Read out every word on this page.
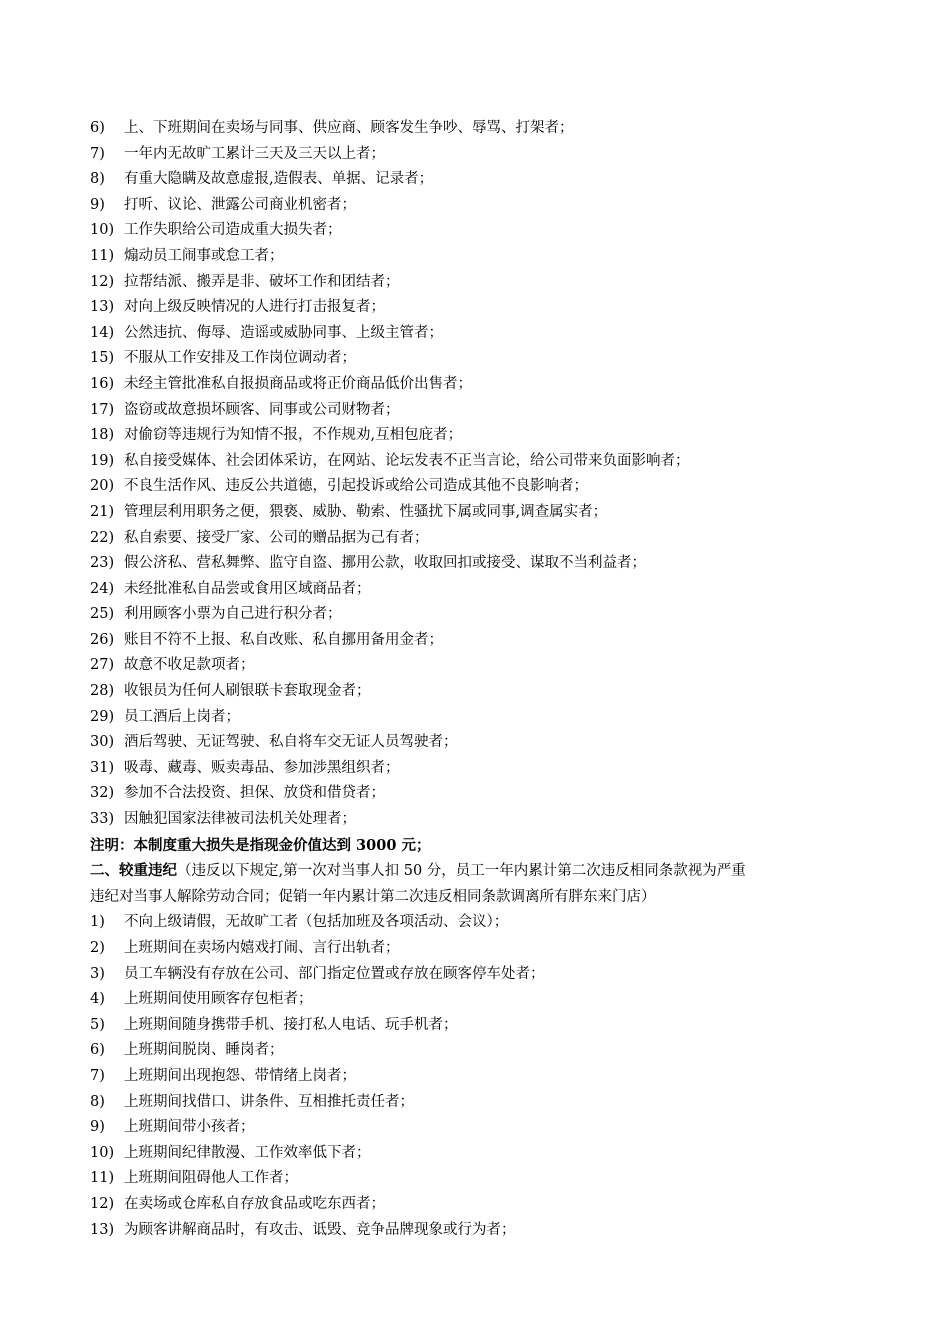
6) 上、下班期间在卖场与同事、供应商、顾客发生争吵、辱骂、打架者；
7) 一年内无故旷工累计三天及三天以上者；
8) 有重大隐瞒及故意虚报,造假表、单据、记录者；
9) 打听、议论、泄露公司商业机密者；
10) 工作失职给公司造成重大损失者；
11) 煽动员工闹事或怠工者；
12) 拉帮结派、搬弄是非、破坏工作和团结者；
13) 对向上级反映情况的人进行打击报复者；
14) 公然违抗、侮辱、造谣或威胁同事、上级主管者；
15) 不服从工作安排及工作岗位调动者；
16) 未经主管批准私自报损商品或将正价商品低价出售者；
17) 盗窃或故意损坏顾客、同事或公司财物者；
18) 对偷窃等违规行为知情不报，不作规劝,互相包庇者；
19) 私自接受媒体、社会团体采访，在网站、论坛发表不正当言论，给公司带来负面影响者；
20) 不良生活作风、违反公共道德，引起投诉或给公司造成其他不良影响者；
21) 管理层利用职务之便，猥亵、威胁、勒索、性骚扰下属或同事,调查属实者；
22) 私自索要、接受厂家、公司的赠品据为己有者；
23) 假公济私、营私舞弊、监守自盗、挪用公款，收取回扣或接受、谋取不当利益者；
24) 未经批准私自品尝或食用区域商品者；
25) 利用顾客小票为自己进行积分者；
26) 账目不符不上报、私自改账、私自挪用备用金者；
27) 故意不收足款项者；
28) 收银员为任何人刷银联卡套取现金者；
29) 员工酒后上岗者；
30) 酒后驾驶、无证驾驶、私自将车交无证人员驾驶者；
31) 吸毒、藏毒、贩卖毒品、参加涉黑组织者；
32) 参加不合法投资、担保、放贷和借贷者；
33) 因触犯国家法律被司法机关处理者；
注明：本制度重大损失是指现金价值达到 3000 元；
二、较重违纪（违反以下规定,第一次对当事人扣 50 分，员工一年内累计第二次违反相同条款视为严重
违纪对当事人解除劳动合同；促销一年内累计第二次违反相同条款调离所有胖东来门店）
1) 不向上级请假，无故旷工者（包括加班及各项活动、会议）；
2) 上班期间在卖场内嬉戏打闹、言行出轨者；
3) 员工车辆没有存放在公司、部门指定位置或存放在顾客停车处者；
4) 上班期间使用顾客存包柜者；
5) 上班期间随身携带手机、接打私人电话、玩手机者；
6) 上班期间脱岗、睡岗者；
7) 上班期间出现抱怨、带情绪上岗者；
8) 上班期间找借口、讲条件、互相推托责任者；
9) 上班期间带小孩者；
10) 上班期间纪律散漫、工作效率低下者；
11) 上班期间阻碍他人工作者；
12) 在卖场或仓库私自存放食品或吃东西者；
13) 为顾客讲解商品时，有攻击、诋毁、竞争品牌现象或行为者；
